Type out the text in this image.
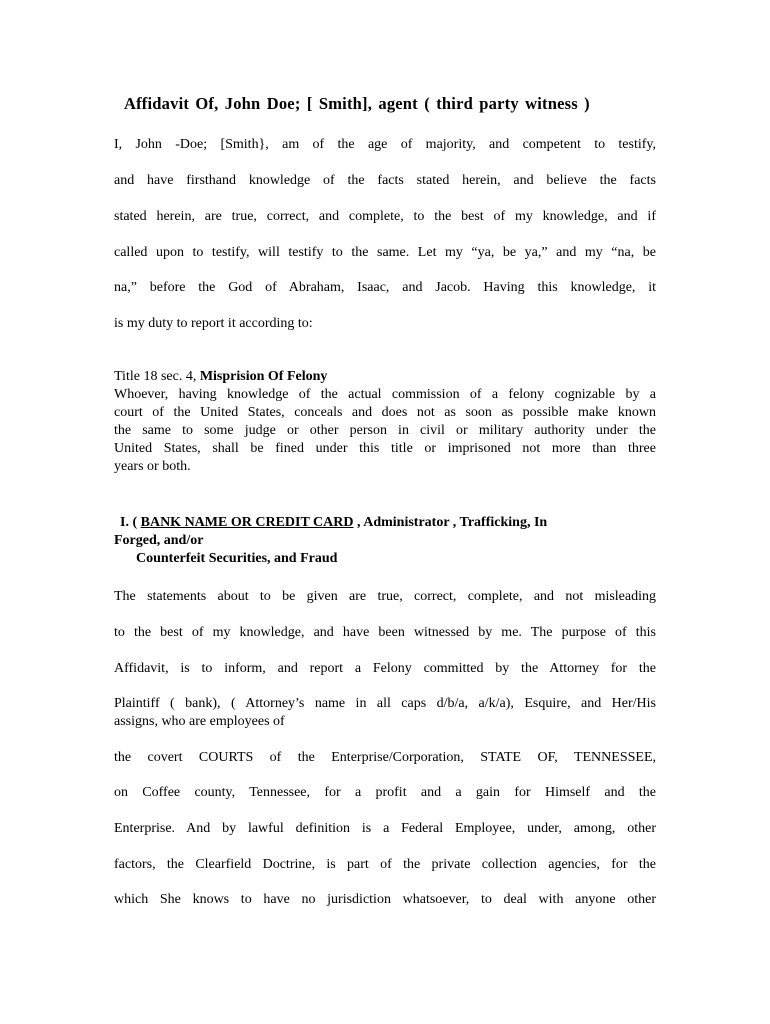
Affidavit Of, John Doe; [ Smith], agent ( third party witness )
I, John -Doe; [Smith}, am of the age of majority, and competent to testify,
and have firsthand knowledge of the facts stated herein, and believe the facts
stated herein, are true, correct, and complete, to the best of my knowledge, and if
called upon to testify, will testify to the same. Let my “ya, be ya,” and my “na, be
na,” before the God of Abraham, Isaac, and Jacob. Having this knowledge, it
is my duty to report it according to:
Title 18 sec. 4, Misprision Of Felony
Whoever, having knowledge of the actual commission of a felony cognizable by a
court of the United States, conceals and does not as soon as possible make known
the same to some judge or other person in civil or military authority under the
United States, shall be fined under this title or imprisoned not more than three
years or both.
I. ( BANK NAME OR CREDIT CARD , Administrator , Trafficking, In
Forged, and/or
Counterfeit Securities, and Fraud
The statements about to be given are true, correct, complete, and not misleading
to the best of my knowledge, and have been witnessed by me. The purpose of this
Affidavit, is to inform, and report a Felony committed by the Attorney for the
Plaintiff ( bank), ( Attorney’s name in all caps d/b/a, a/k/a), Esquire, and Her/His
assigns, who are employees of
the covert COURTS of the Enterprise/Corporation, STATE OF, TENNESSEE,
on Coffee county, Tennessee, for a profit and a gain for Himself and the
Enterprise. And by lawful definition is a Federal Employee, under, among, other
factors, the Clearfield Doctrine, is part of the private collection agencies, for the
which She knows to have no jurisdiction whatsoever, to deal with anyone other
